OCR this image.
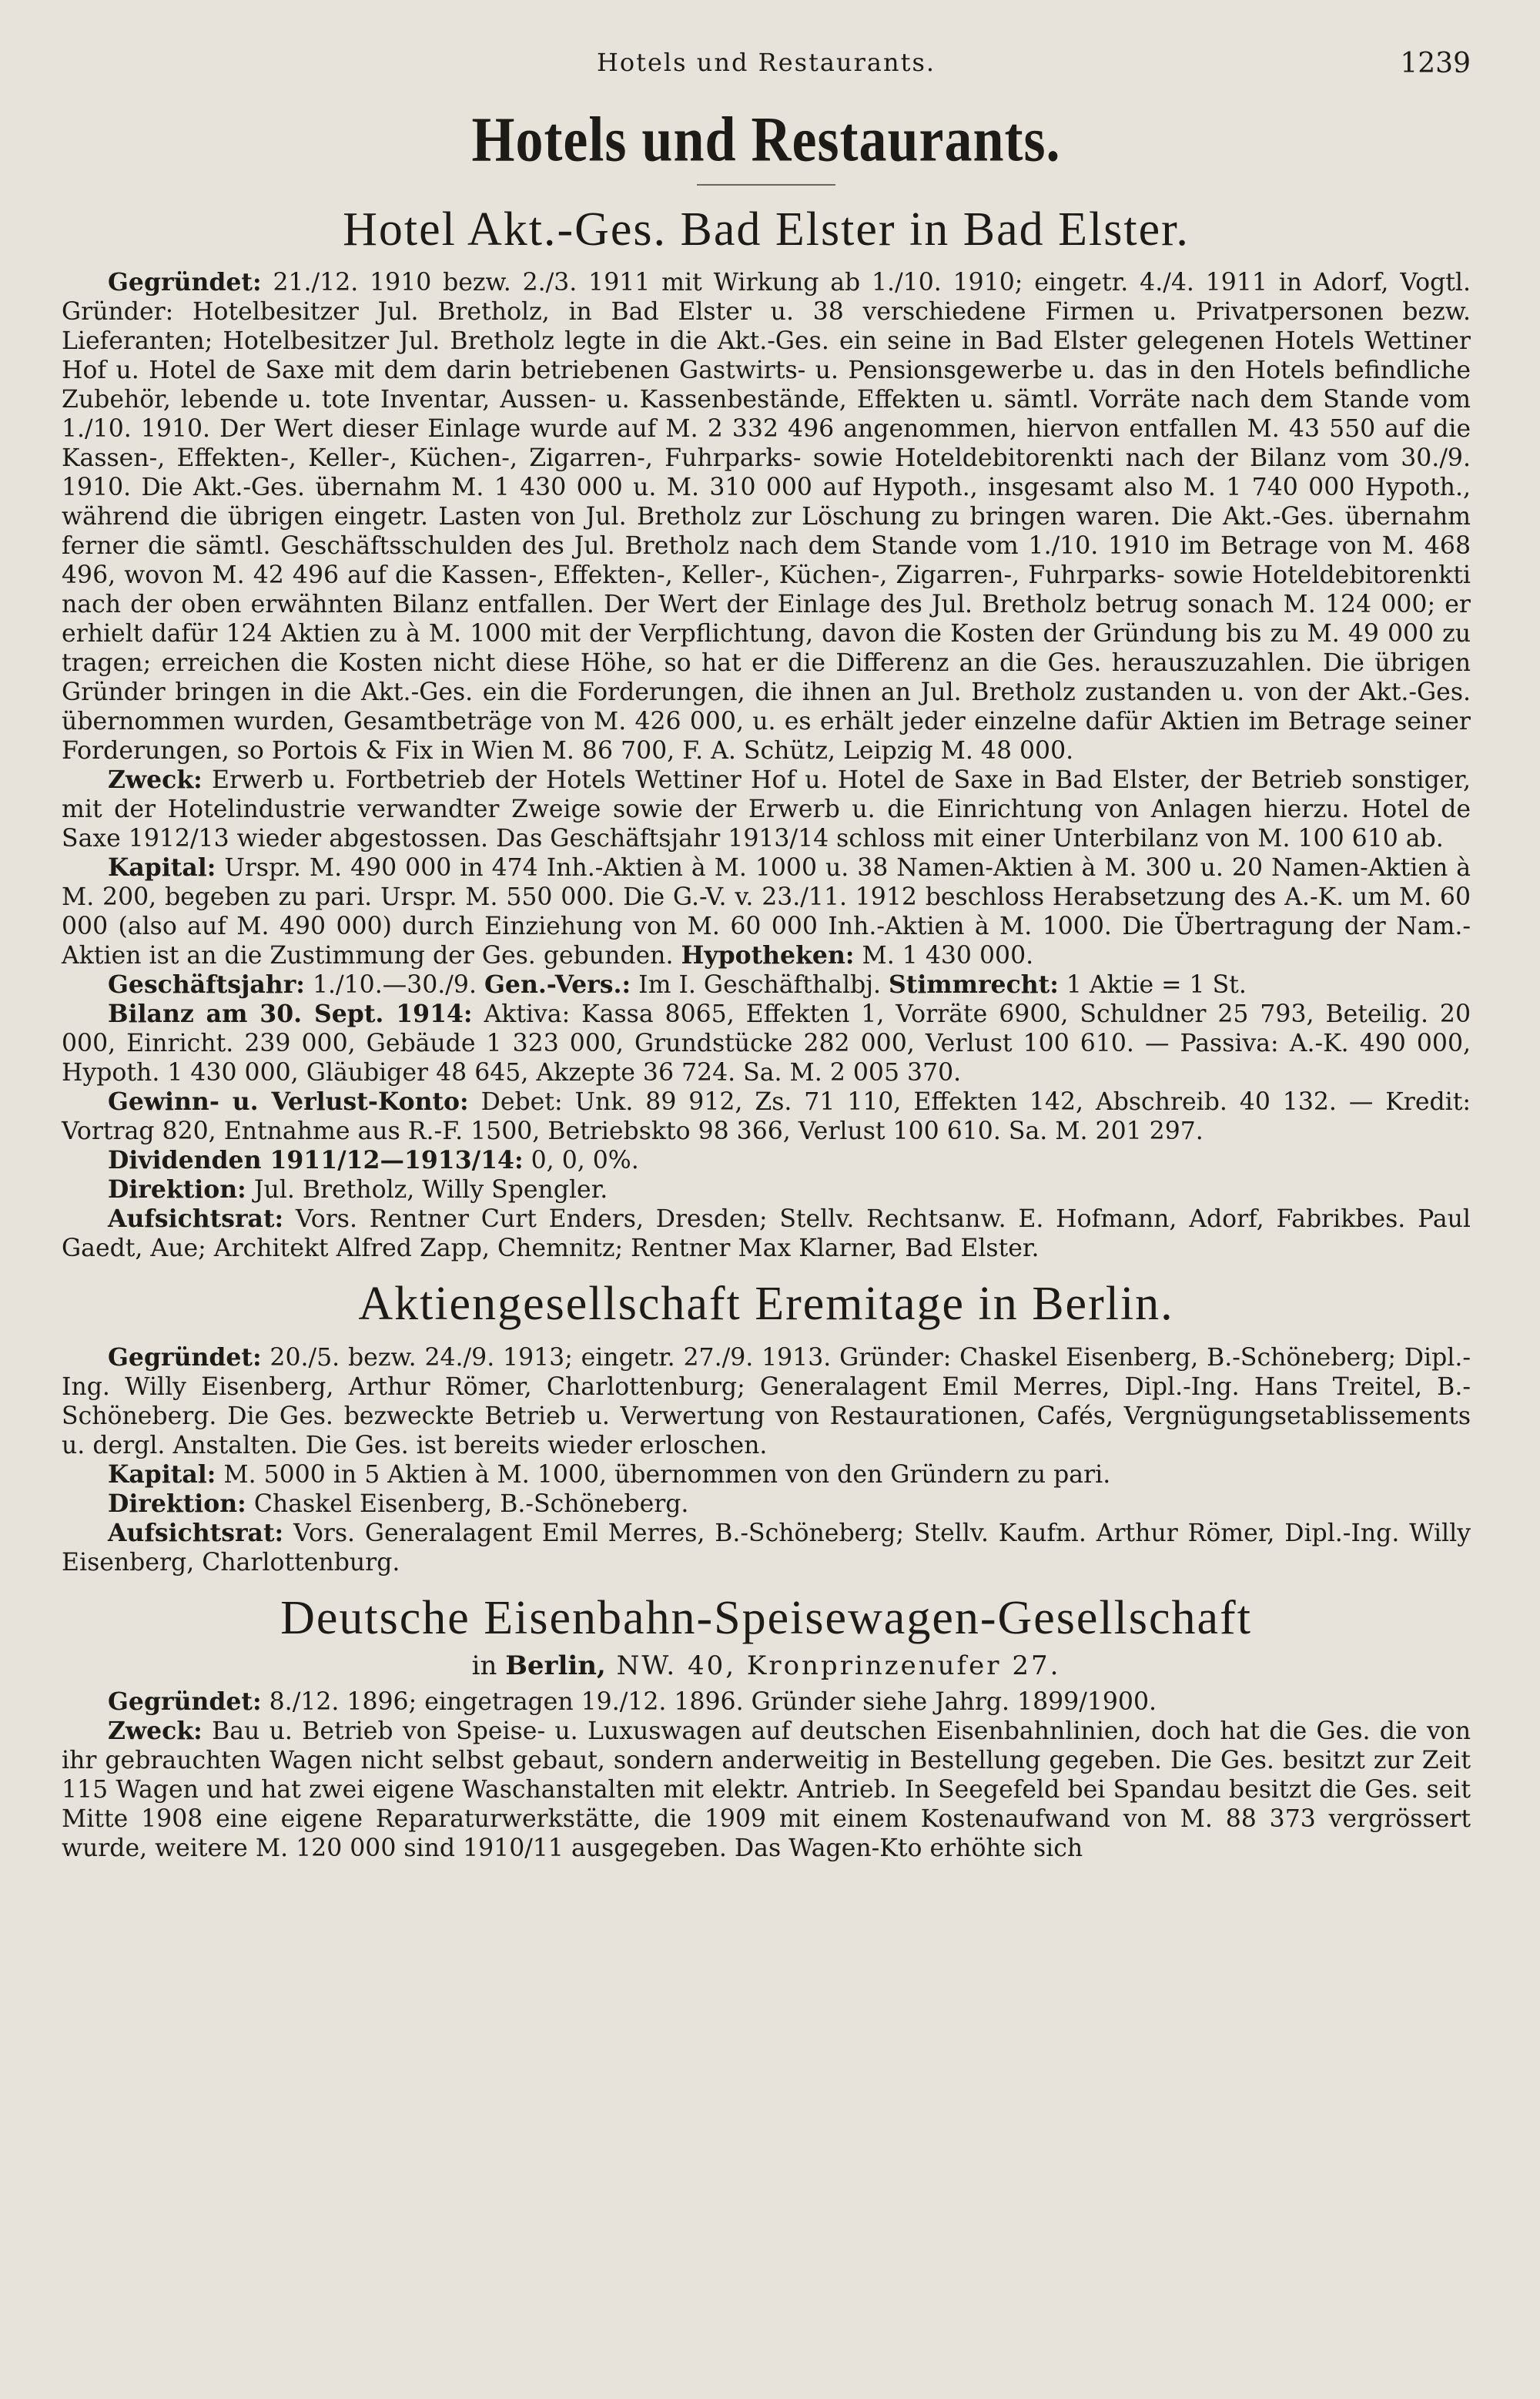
Hotels und Restaurants.	1239
Hotels und Restaurants.
Hotel Akt.-Ges. Bad Elster in Bad Elster.

Gegründet: 21./12. 1910 bezw. 2./3. 1911 mit Wirkung ab 1./10. 1910; eingetr. 4./4. 1911 in Adorf, Vogtl. Gründer: Hotelbesitzer Jul. Bretholz, in Bad Elster u. 38 verschiedene Firmen u. Privatpersonen bezw. Lieferanten; Hotelbesitzer Jul. Bretholz legte in die Akt.-Ges. ein seine in Bad Elster gelegenen Hotels Wettiner Hof u. Hotel de Saxe mit dem darin betriebenen Gastwirts- u. Pensionsgewerbe u. das in den Hotels befindliche Zubehör, lebende u. tote Inventar, Aussen- u. Kassenbestände, Effekten u. sämtl. Vorräte nach dem Stande vom 1./10. 1910. Der Wert dieser Einlage wurde auf M. 2 332 496 angenommen, hiervon entfallen M. 43 550 auf die Kassen-, Effekten-, Keller-, Küchen-, Zigarren-, Fuhrparks- sowie Hoteldebitorenkti nach der Bilanz vom 30./9. 1910. Die Akt.-Ges. übernahm M. 1 430 000 u. M. 310 000 auf Hypoth., insgesamt also M. 1 740 000 Hypoth., während die übrigen eingetr. Lasten von Jul. Bretholz zur Löschung zu bringen waren. Die Akt.-Ges. übernahm ferner die sämtl. Geschäftsschulden des Jul. Bretholz nach dem Stande vom 1./10. 1910 im Betrage von M. 468 496, wovon M. 42 496 auf die Kassen-, Effekten-, Keller-, Küchen-, Zigarren-, Fuhrparks- sowie Hoteldebitorenkti nach der oben erwähnten Bilanz entfallen. Der Wert der Einlage des Jul. Bretholz betrug sonach M. 124 000; er erhielt dafür 124 Aktien zu à M. 1000 mit der Verpflichtung, davon die Kosten der Gründung bis zu M. 49 000 zu tragen; erreichen die Kosten nicht diese Höhe, so hat er die Differenz an die Ges. herauszuzahlen. Die übrigen Gründer bringen in die Akt.-Ges. ein die Forderungen, die ihnen an Jul. Bretholz zustanden u. von der Akt.-Ges. übernommen wurden, Gesamtbeträge von M. 426 000, u. es erhält jeder einzelne dafür Aktien im Betrage seiner Forderungen, so Portois & Fix in Wien M. 86 700, F. A. Schütz, Leipzig M. 48 000.

Zweck: Erwerb u. Fortbetrieb der Hotels Wettiner Hof u. Hotel de Saxe in Bad Elster, der Betrieb sonstiger, mit der Hotelindustrie verwandter Zweige sowie der Erwerb u. die Einrichtung von Anlagen hierzu. Hotel de Saxe 1912/13 wieder abgestossen. Das Geschäftsjahr 1913/14 schloss mit einer Unterbilanz von M. 100 610 ab.

Kapital: Urspr. M. 490 000 in 474 Inh.-Aktien à M. 1000 u. 38 Namen-Aktien à M. 300 u. 20 Namen-Aktien à M. 200, begeben zu pari. Urspr. M. 550 000. Die G.-V. v. 23./11. 1912 beschloss Herabsetzung des A.-K. um M. 60 000 (also auf M. 490 000) durch Einziehung von M. 60 000 Inh.-Aktien à M. 1000. Die Übertragung der Nam.-Aktien ist an die Zustimmung der Ges. gebunden. Hypotheken: M. 1 430 000.

Geschäftsjahr: 1./10.—30./9. Gen.-Vers.: Im I. Geschäfthalbj. Stimmrecht: 1 Aktie = 1 St.

Bilanz am 30. Sept. 1914: Aktiva: Kassa 8065, Effekten 1, Vorräte 6900, Schuldner 25 793, Beteilig. 20 000, Einricht. 239 000, Gebäude 1 323 000, Grundstücke 282 000, Verlust 100 610. — Passiva: A.-K. 490 000, Hypoth. 1 430 000, Gläubiger 48 645, Akzepte 36 724. Sa. M. 2 005 370.

Gewinn- u. Verlust-Konto: Debet: Unk. 89 912, Zs. 71 110, Effekten 142, Abschreib. 40 132. — Kredit: Vortrag 820, Entnahme aus R.-F. 1500, Betriebskto 98 366, Verlust 100 610. Sa. M. 201 297.

Dividenden 1911/12—1913/14: 0, 0, 0%.

Direktion: Jul. Bretholz, Willy Spengler.

Aufsichtsrat: Vors. Rentner Curt Enders, Dresden; Stellv. Rechtsanw. E. Hofmann, Adorf, Fabrikbes. Paul Gaedt, Aue; Architekt Alfred Zapp, Chemnitz; Rentner Max Klarner, Bad Elster.

Aktiengesellschaft Eremitage in Berlin.

Gegründet: 20./5. bezw. 24./9. 1913; eingetr. 27./9. 1913. Gründer: Chaskel Eisenberg, B.-Schöneberg; Dipl.-Ing. Willy Eisenberg, Arthur Römer, Charlottenburg; Generalagent Emil Merres, Dipl.-Ing. Hans Treitel, B.-Schöneberg. Die Ges. bezweckte Betrieb u. Verwertung von Restaurationen, Cafés, Vergnügungsetablissements u. dergl. Anstalten. Die Ges. ist bereits wieder erloschen.

Kapital: M. 5000 in 5 Aktien à M. 1000, übernommen von den Gründern zu pari.

Direktion: Chaskel Eisenberg, B.-Schöneberg.

Aufsichtsrat: Vors. Generalagent Emil Merres, B.-Schöneberg; Stellv. Kaufm. Arthur Römer, Dipl.-Ing. Willy Eisenberg, Charlottenburg.

Deutsche Eisenbahn-Speisewagen-Gesellschaft
in Berlin, NW. 40, Kronprinzenufer 27.

Gegründet: 8./12. 1896; eingetragen 19./12. 1896. Gründer siehe Jahrg. 1899/1900.

Zweck: Bau u. Betrieb von Speise- u. Luxuswagen auf deutschen Eisenbahnlinien, doch hat die Ges. die von ihr gebrauchten Wagen nicht selbst gebaut, sondern anderweitig in Bestellung gegeben. Die Ges. besitzt zur Zeit 115 Wagen und hat zwei eigene Waschanstalten mit elektr. Antrieb. In Seegefeld bei Spandau besitzt die Ges. seit Mitte 1908 eine eigene Reparaturwerkstätte, die 1909 mit einem Kostenaufwand von M. 88 373 vergrössert wurde, weitere M. 120 000 sind 1910/11 ausgegeben. Das Wagen-Kto erhöhte sich
